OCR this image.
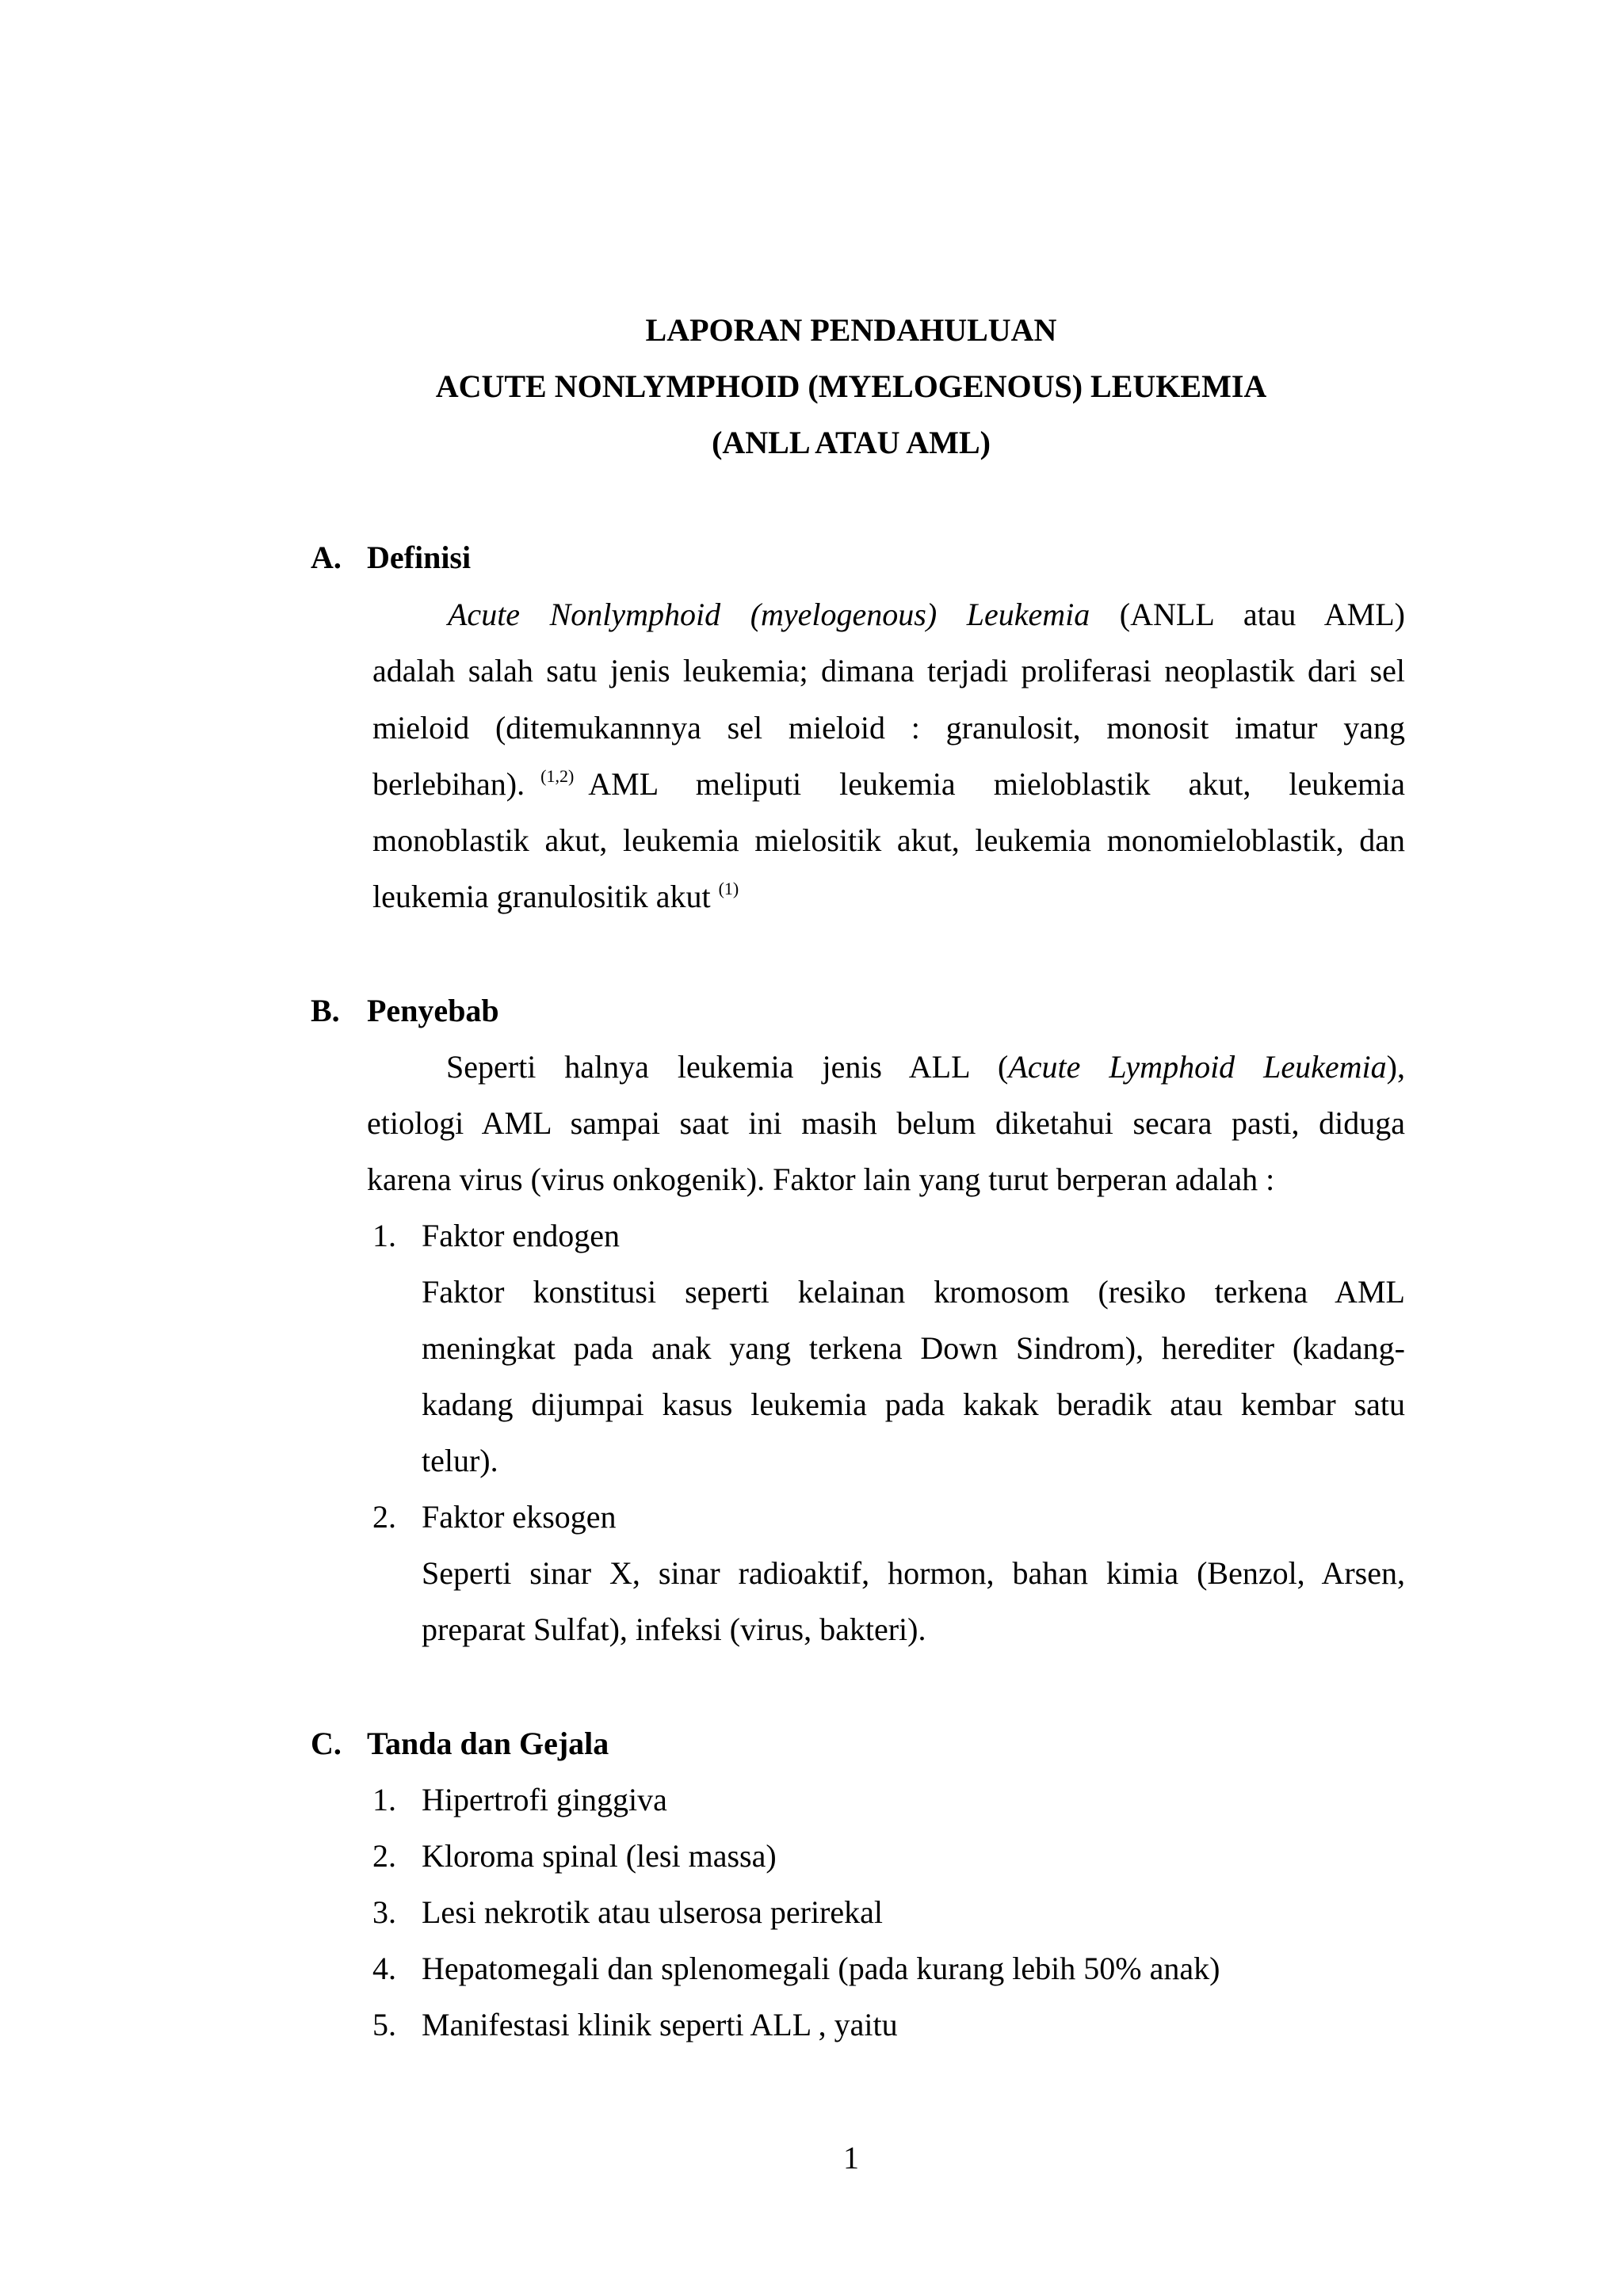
LAPORAN PENDAHULUAN
ACUTE NONLYMPHOID (MYELOGENOUS) LEUKEMIA
(ANLL ATAU AML)
A. Definisi
Acute Nonlymphoid (myelogenous) Leukemia (ANLL atau AML)
adalah salah satu jenis leukemia; dimana terjadi proliferasi neoplastik dari sel
mieloid (ditemukannnya sel mieloid : granulosit, monosit imatur yang
berlebihan). $^{(1,2)}$ AML meliputi leukemia mieloblastik akut, leukemia
monoblastik akut, leukemia mielositik akut, leukemia monomieloblastik, dan
leukemia granulositik akut $^{(1)}$
B. Penyebab
Seperti halnya leukemia jenis ALL (Acute Lymphoid Leukemia),
etiologi AML sampai saat ini masih belum diketahui secara pasti, diduga
karena virus (virus onkogenik). Faktor lain yang turut berperan adalah :
1. Faktor endogen
Faktor konstitusi seperti kelainan kromosom (resiko terkena AML
meningkat pada anak yang terkena Down Sindrom), herediter (kadang-
kadang dijumpai kasus leukemia pada kakak beradik atau kembar satu
telur).
2. Faktor eksogen
Seperti sinar X, sinar radioaktif, hormon, bahan kimia (Benzol, Arsen,
preparat Sulfat), infeksi (virus, bakteri).
C. Tanda dan Gejala
1. Hipertrofi ginggiva
2. Kloroma spinal (lesi massa)
3. Lesi nekrotik atau ulserosa perirekal
4. Hepatomegali dan splenomegali (pada kurang lebih 50% anak)
5. Manifestasi klinik seperti ALL , yaitu
1
